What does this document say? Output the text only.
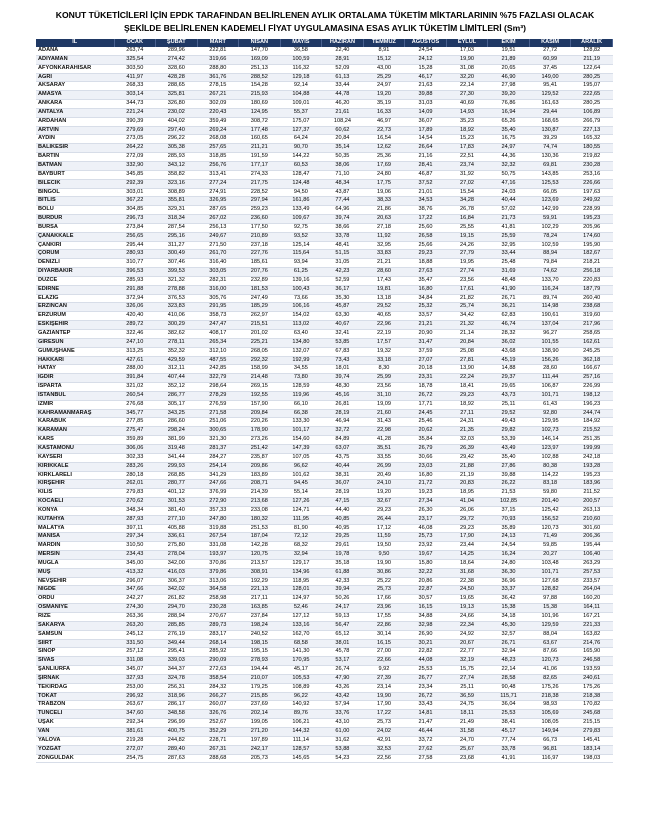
KONUT TÜKETİCİLERİ İÇİN EPDK TARAFINDAN BELİRLENEN AYLIK ORTALAMA TÜKETİM MİKTARLARININ %75 FAZLASI OLACAK
ŞEKİLDE BELİRLENEN KADEMELİ FİYAT UYGULAMASINA ESAS AYLIK TÜKETİM LİMİTLERİ (Sm³)
İL	OCAK	ŞUBAT	MART	NİSAN	MAYIS	HAZİRAN	TEMMUZ	AĞUSTOS	EYLÜL	EKİM	KASIM	ARALIK
ADANA	263,74	289,96	222,81	147,70	36,58	22,40	8,91	24,54	17,03	19,51	27,72	128,82
ADIYAMAN	325,54	274,42	319,66	169,09	100,59	28,91	15,12	24,12	19,90	21,89	60,99	211,19
AFYONKARAHİSAR	303,50	328,60	288,80	251,13	116,32	52,09	43,00	15,28	31,08	20,65	37,45	122,64
AĞRI	411,97	428,28	361,76	288,52	129,18	61,13	25,29	46,17	32,20	46,90	149,00	280,25
AKSARAY	268,33	288,65	278,15	154,28	92,14	33,44	24,97	21,63	22,14	27,98	95,41	195,07
AMASYA	303,14	325,81	267,21	215,93	104,88	44,78	19,20	39,88	27,30	39,20	129,52	222,65
ANKARA	344,73	326,80	302,09	180,69	109,01	46,20	35,19	31,03	40,69	76,86	161,63	280,25
ANTALYA	221,24	230,02	220,43	124,95	55,37	21,61	16,33	14,09	14,93	16,94	29,44	106,89
ARDAHAN	390,39	404,02	359,49	308,72	175,07	108,24	46,97	36,07	35,23	65,26	168,65	266,79
ARTVİN	279,69	297,40	269,24	177,48	127,37	60,62	22,73	17,89	18,92	35,40	130,87	227,13
AYDIN	273,05	296,22	268,08	160,65	64,24	20,84	16,54	14,54	15,23	16,75	39,29	165,32
BALIKESİR	264,22	305,38	257,65	211,21	90,70	35,14	12,62	26,64	17,83	24,97	74,74	180,55
BARTIN	272,09	285,93	318,85	191,59	144,22	50,35	25,36	21,16	22,51	44,36	130,36	219,82
BATMAN	332,90	343,12	256,76	177,17	60,53	38,06	17,69	28,41	23,74	32,32	69,81	230,28
BAYBURT	345,85	358,82	313,41	274,33	128,47	71,10	24,80	46,87	31,92	50,75	143,85	253,16
BİLECİK	292,39	323,16	277,24	217,75	124,48	48,34	17,75	37,52	27,02	47,16	125,53	226,66
BİNGÖL	303,01	308,89	274,91	228,52	94,50	43,87	19,06	21,01	15,54	24,03	66,05	197,63
BİTLİS	367,22	355,81	326,95	297,94	161,86	77,44	38,33	34,53	34,28	40,44	123,69	249,92
BOLU	304,85	329,31	287,65	259,23	133,49	64,96	21,86	38,76	26,78	57,02	142,99	228,99
BURDUR	296,73	318,34	267,02	236,60	109,67	39,74	20,63	17,22	16,84	21,73	59,91	195,23
BURSA	273,84	287,54	256,13	177,50	92,75	38,66	27,18	25,60	25,55	41,81	102,29	205,96
ÇANAKKALE	256,65	295,16	249,67	210,89	93,52	33,78	11,92	26,58	19,15	25,59	78,24	174,60
ÇANKIRI	295,44	311,27	271,50	237,18	125,14	48,41	32,95	25,66	24,26	32,95	102,59	195,90
ÇORUM	280,93	300,49	261,70	227,76	115,64	51,15	33,83	29,23	27,79	33,44	88,94	182,67
DENİZLİ	310,77	307,46	316,40	185,61	93,94	31,05	21,21	18,88	19,95	25,48	79,84	218,21
DİYARBAKIR	396,53	399,53	303,05	207,76	61,25	42,23	28,60	27,63	27,74	31,69	74,62	256,18
DÜZCE	285,93	321,32	282,31	232,89	139,16	52,59	17,43	35,47	23,56	48,48	133,70	220,83
EDİRNE	291,88	278,88	316,00	181,53	100,43	36,17	19,81	16,80	17,61	41,90	116,24	187,79
ELAZIĞ	372,94	376,53	305,76	247,49	73,66	35,30	13,18	34,84	21,82	26,71	89,74	260,40
ERZİNCAN	326,06	323,83	291,95	185,29	106,16	45,87	29,52	25,32	25,74	36,21	114,98	238,68
ERZURUM	420,40	410,06	358,73	262,97	154,02	63,30	40,65	33,57	34,42	62,83	190,61	319,60
ESKİŞEHİR	289,72	300,29	247,47	215,51	113,02	40,67	22,96	21,21	21,32	46,74	137,04	217,96
GAZİANTEP	322,46	382,62	408,17	201,02	63,40	32,41	22,19	20,90	21,14	28,32	96,27	258,65
GİRESUN	247,10	278,11	265,34	225,21	134,80	53,85	17,57	31,47	20,84	36,02	101,55	162,61
GÜMÜŞHANE	313,25	352,32	312,10	268,05	132,07	67,83	19,32	37,59	25,08	43,68	138,90	245,25
HAKKARİ	427,61	429,59	487,55	292,32	192,99	73,43	33,18	27,07	27,81	45,19	156,26	362,18
HATAY	288,00	312,11	242,85	158,99	34,55	18,01	8,30	20,18	13,90	14,88	28,60	166,67
IĞDIR	391,84	407,44	322,79	214,48	73,80	39,74	25,99	23,31	22,24	29,37	111,44	257,16
ISPARTA	321,02	352,12	298,64	269,15	128,59	48,30	23,56	18,78	18,41	29,65	106,87	226,99
İSTANBUL	260,54	286,77	278,29	192,55	119,96	45,16	31,10	26,72	29,23	43,73	101,71	198,12
İZMİR	276,68	305,17	276,59	157,90	66,10	26,81	19,09	17,71	18,92	25,11	61,43	196,23
KAHRAMANMARAŞ	345,77	343,25	271,58	209,84	66,38	28,19	21,60	24,45	27,11	29,52	92,80	244,74
KARABÜK	277,85	286,60	251,06	220,26	133,30	46,94	31,43	25,46	24,31	49,43	129,95	184,92
KARAMAN	275,47	298,24	300,65	178,90	101,17	32,72	22,98	20,62	21,35	29,82	102,73	215,52
KARS	359,89	381,99	321,30	273,26	154,60	84,89	41,28	35,84	32,03	53,39	146,14	251,35
KASTAMONU	306,06	319,48	281,37	251,42	147,39	63,07	35,51	26,79	26,39	43,49	123,97	199,99
KAYSERİ	302,33	341,44	284,27	235,87	107,05	43,75	33,55	30,66	29,42	35,40	102,88	242,18
KIRIKKALE	283,26	299,93	254,14	209,86	96,62	40,44	26,99	23,03	21,88	27,86	80,38	193,28
KIRKLARELİ	280,18	268,85	341,29	183,89	101,62	38,31	20,49	16,80	21,19	39,88	114,22	195,23
KIRŞEHİR	262,01	280,77	247,66	208,71	94,45	36,07	24,10	21,72	20,83	26,22	83,18	183,96
KİLİS	279,83	401,12	376,99	214,39	55,14	28,19	19,20	19,23	18,95	21,53	59,80	211,52
KOCAELİ	270,62	301,53	272,90	213,68	127,26	47,15	32,67	27,34	41,04	102,85	201,40	200,57
KONYA	348,34	381,40	357,33	233,08	124,71	44,40	29,23	26,30	26,06	37,15	125,42	263,13
KÜTAHYA	287,93	277,10	247,80	180,32	111,95	40,85	26,44	23,17	29,72	70,93	156,52	210,60
MALATYA	397,11	405,88	319,88	251,53	81,90	40,95	17,12	46,08	29,23	35,89	120,73	301,60
MANİSA	297,34	336,61	267,54	187,04	72,12	29,25	11,59	25,73	17,90	24,13	71,49	206,36
MARDİN	310,50	275,80	331,08	142,28	68,32	29,61	19,50	23,92	23,44	24,54	59,85	195,44
MERSİN	234,43	278,04	193,97	120,75	32,94	19,78	9,50	19,67	14,25	16,24	20,27	106,40
MUĞLA	345,00	342,00	370,86	213,57	129,17	35,18	19,90	15,80	18,64	24,80	103,48	263,29
MUŞ	413,32	416,03	379,86	308,91	134,96	61,88	30,86	32,22	31,68	36,30	101,71	257,53
NEVŞEHİR	296,07	306,37	313,06	192,29	118,95	42,33	25,22	20,86	22,38	36,96	127,68	233,57
NİĞDE	347,66	342,02	364,58	221,13	128,01	39,94	25,73	22,87	24,50	33,37	128,82	264,04
ORDU	242,27	261,82	258,98	217,11	124,97	50,26	17,66	30,57	19,65	36,42	97,88	160,20
OSMANİYE	274,30	294,70	230,28	163,85	52,46	24,17	23,96	16,15	19,13	15,38	15,38	164,11
RİZE	263,36	288,94	270,67	237,84	127,12	59,13	17,55	34,88	24,66	34,18	101,96	167,21
SAKARYA	263,20	285,85	289,73	198,24	133,16	56,47	22,86	32,98	22,34	45,30	129,59	221,33
SAMSUN	245,12	276,19	283,17	240,52	162,70	65,12	30,14	26,90	24,92	32,57	88,04	163,82
SİİRT	331,50	349,44	268,14	198,15	68,58	38,01	16,15	30,21	20,67	26,71	63,67	214,76
SİNOP	257,12	295,41	285,92	195,15	141,30	45,78	27,00	22,82	22,77	32,94	87,66	165,90
SİVAS	311,08	339,03	290,09	278,93	170,95	53,17	22,66	44,08	32,19	48,23	120,73	246,58
ŞANLIURFA	345,07	344,37	272,63	194,44	45,17	26,74	9,92	25,53	15,75	22,14	41,06	193,59
ŞIRNAK	327,93	324,78	358,54	210,07	105,53	47,90	27,39	26,77	27,74	28,58	82,65	240,61
TEKİRDAĞ	253,00	256,31	284,32	179,25	108,89	43,26	23,14	23,34	25,11	90,48	175,26	175,26
TOKAT	296,92	318,96	266,27	215,85	96,22	43,42	19,90	26,72	36,59	115,71	218,38	218,38
TRABZON	263,67	286,17	260,07	237,69	140,92	57,94	17,90	33,43	24,75	36,04	98,93	170,82
TUNCELİ	347,60	348,58	326,76	202,14	89,76	33,76	17,22	14,81	18,11	25,53	105,69	245,68
UŞAK	292,34	296,99	252,67	199,05	106,21	43,10	25,73	21,47	21,49	38,41	108,05	215,15
VAN	381,61	400,75	352,29	271,20	144,32	61,00	24,02	46,44	31,58	45,17	149,94	279,83
YALOVA	219,28	244,82	228,71	197,89	111,14	31,62	42,91	33,72	24,70	77,74	66,73	145,41
YOZGAT	272,07	289,40	267,31	242,17	128,57	53,88	32,53	27,62	25,67	33,78	96,81	183,14
ZONGULDAK	254,75	287,63	288,68	205,73	145,65	54,23	22,56	27,58	23,68	41,91	116,97	198,03
